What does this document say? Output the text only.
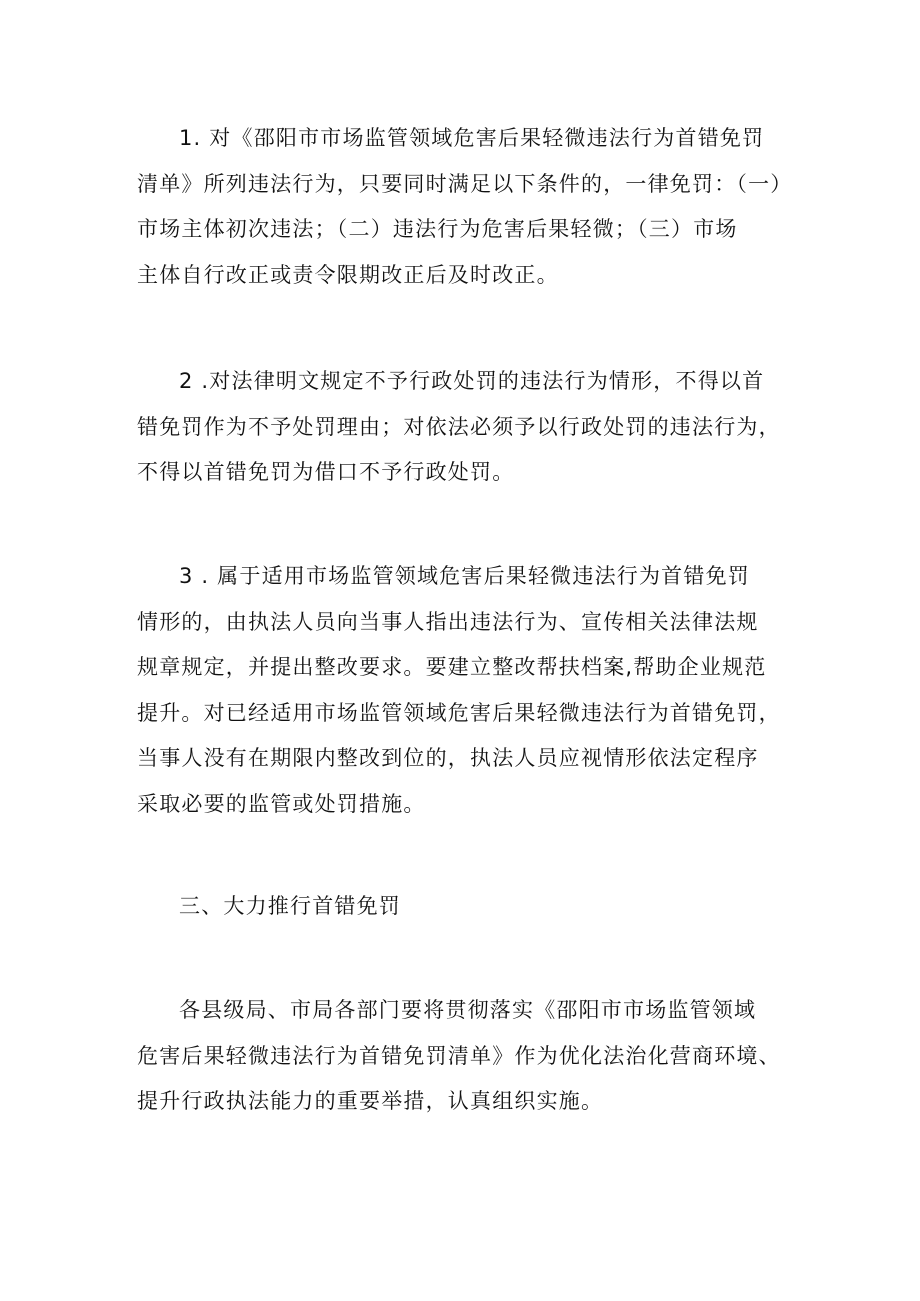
1. 对《邵阳市市场监管领域危害后果轻微违法行为首错免罚
清单》所列违法行为，只要同时满足以下条件的，一律免罚：（一）
市场主体初次违法；（二）违法行为危害后果轻微；（三）市场
主体自行改正或责令限期改正后及时改正。

2 .对法律明文规定不予行政处罚的违法行为情形，不得以首
错免罚作为不予处罚理由；对依法必须予以行政处罚的违法行为，
不得以首错免罚为借口不予行政处罚。

3 . 属于适用市场监管领域危害后果轻微违法行为首错免罚
情形的，由执法人员向当事人指出违法行为、宣传相关法律法规
规章规定，并提出整改要求。要建立整改帮扶档案,帮助企业规范
提升。对已经适用市场监管领域危害后果轻微违法行为首错免罚，
当事人没有在期限内整改到位的，执法人员应视情形依法定程序
采取必要的监管或处罚措施。

三、大力推行首错免罚

各县级局、市局各部门要将贯彻落实《邵阳市市场监管领域
危害后果轻微违法行为首错免罚清单》作为优化法治化营商环境、
提升行政执法能力的重要举措，认真组织实施。
